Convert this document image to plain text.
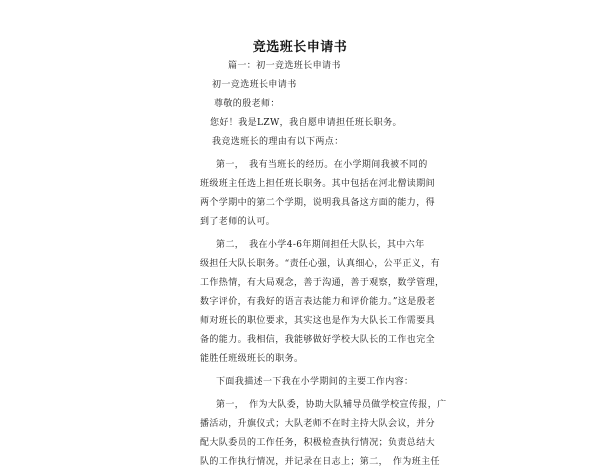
竞选班长申请书
篇一：初一竞选班长申请书
初一竞选班长申请书
尊敬的殷老师：
您好！我是LZW，我自愿申请担任班长职务。
我竞选班长的理由有以下两点：
第一，　我有当班长的经历。在小学期间我被不同的
班级班主任选上担任班长职务。其中包括在河北僧读期间
两个学期中的第二个学期，说明我具备这方面的能力，得
到了老师的认可。
第二，　我在小学4-6年期间担任大队长，其中六年
级担任大队长职务。“责任心强，认真细心，公平正义，有
工作热情，有大局观念，善于沟通，善于观察，数学管理，
数字评价，有我好的语言表达能力和评价能力。”这是殷老
师对班长的职位要求，其实这也是作为大队长工作需要具
备的能力。我相信，我能够做好学校大队长的工作也完全
能胜任班级班长的职务。
下面我描述一下我在小学期间的主要工作内容：
第一，　作为大队委，协助大队辅导员做学校宣传报，广
播活动，升旗仪式；大队老师不在时主持大队会议，并分
配大队委员的工作任务，积极检查执行情况；负责总结大
队的工作执行情况，并记录在日志上；第二，　作为班主任
